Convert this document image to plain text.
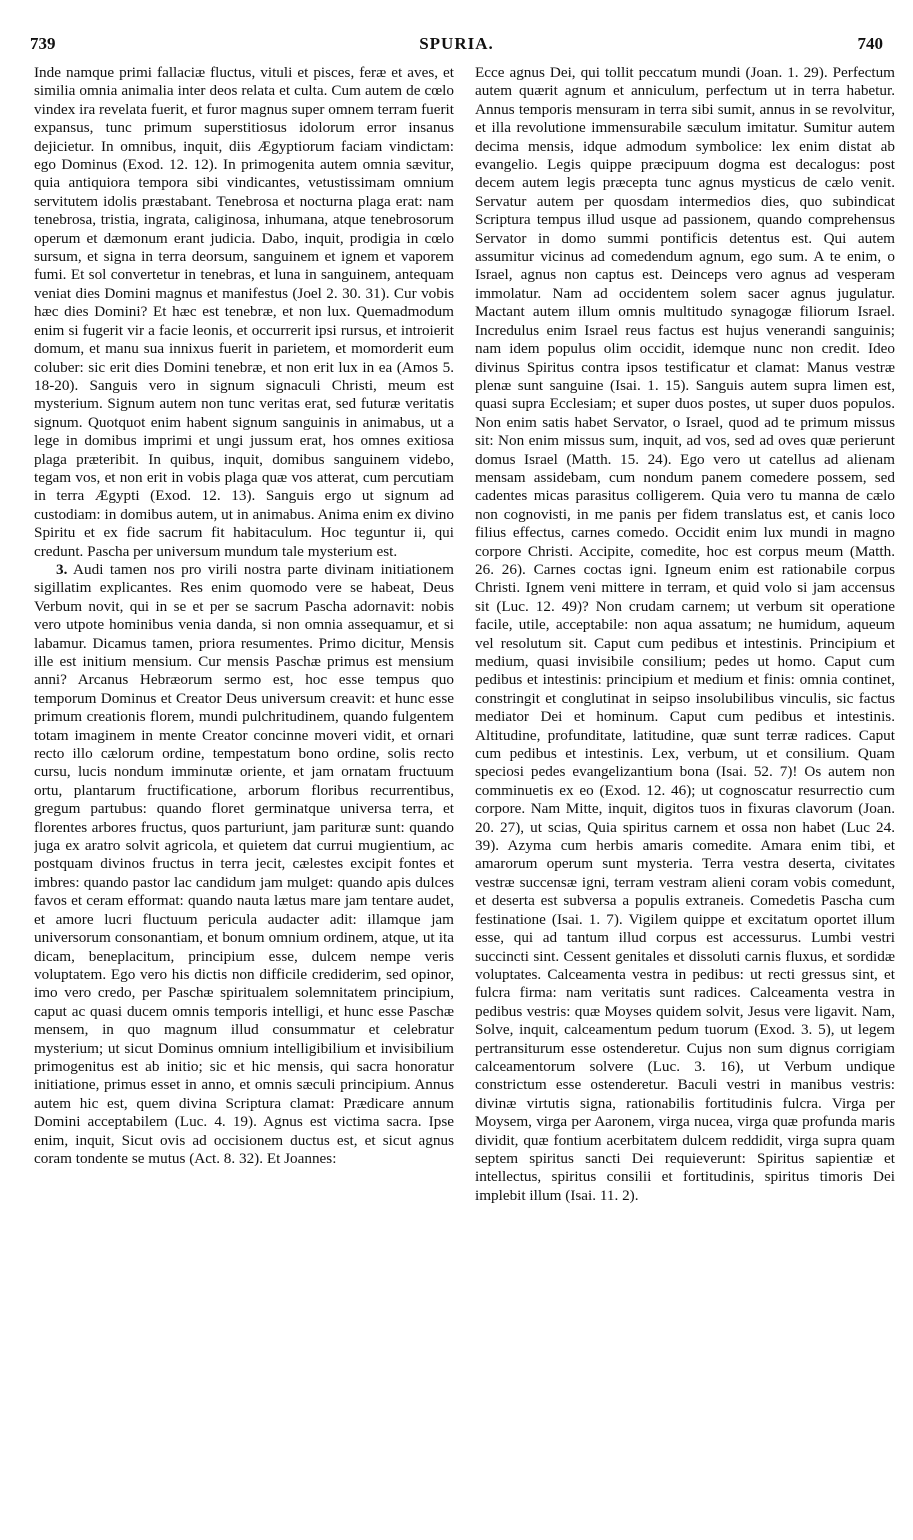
739	SPURIA.	740

Inde namque primi fallaciæ fluctus, vituli et pisces, feræ et aves, et similia omnia animalia inter deos relata et culta. Cum autem de cœlo vindex ira revelata fuerit, et furor magnus super omnem terram fuerit expansus, tunc primum superstitiosus idolorum error insanus dejicietur. In omnibus, inquit, diis Ægyptiorum faciam vindictam: ego Dominus (Exod. 12. 12). In primogenita autem omnia sævitur, quia antiquiora tempora sibi vindicantes, vetustissimam omnium servitutem idolis præstabant. Tenebrosa et nocturna plaga erat: nam tenebrosa, tristia, ingrata, caliginosa, inhumana, atque tenebrosorum operum et dæmonum erant judicia. Dabo, inquit, prodigia in cœlo sursum, et signa in terra deorsum, sanguinem et ignem et vaporem fumi. Et sol convertetur in tenebras, et luna in sanguinem, antequam veniat dies Domini magnus et manifestus (Joel 2. 30. 31). Cur vobis hæc dies Domini? Et hæc est tenebræ, et non lux. Quemadmodum enim si fugerit vir a facie leonis, et occurrerit ipsi rursus, et introierit domum, et manu sua innixus fuerit in parietem, et momorderit eum coluber: sic erit dies Domini tenebræ, et non erit lux in ea (Amos 5. 18-20). Sanguis vero in signum signaculi Christi, meum est mysterium. Signum autem non tunc veritas erat, sed futuræ veritatis signum. Quotquot enim habent signum sanguinis in animabus, ut a lege in domibus imprimi et ungi jussum erat, hos omnes exitiosa plaga præteribit. In quibus, inquit, domibus sanguinem videbo, tegam vos, et non erit in vobis plaga quæ vos atterat, cum percutiam in terra Ægypti (Exod. 12. 13). Sanguis ergo ut signum ad custodiam: in domibus autem, ut in animabus. Anima enim ex divino Spiritu et ex fide sacrum fit habitaculum. Hoc teguntur ii, qui credunt. Pascha per universum mundum tale mysterium est.

3. Audi tamen nos pro virili nostra parte divinam initiationem sigillatim explicantes. Res enim quomodo vere se habeat, Deus Verbum novit, qui in se et per se sacrum Pascha adornavit: nobis vero utpote hominibus venia danda, si non omnia assequamur, et si labamur. Dicamus tamen, priora resumentes. Primo dicitur, Mensis ille est initium mensium. Cur mensis Paschæ primus est mensium anni? Arcanus Hebræorum sermo est, hoc esse tempus quo temporum Dominus et Creator Deus universum creavit: et hunc esse primum creationis florem, mundi pulchritudinem, quando fulgentem totam imaginem in mente Creator concinne moveri vidit, et ornari recto illo cælorum ordine, tempestatum bono ordine, solis recto cursu, lucis nondum imminutæ oriente, et jam ornatam fructuum ortu, plantarum fructificatione, arborum floribus recurrentibus, gregum partubus: quando floret germinatque universa terra, et florentes arbores fructus, quos parturiunt, jam parituræ sunt: quando juga ex aratro solvit agricola, et quietem dat currui mugientium, ac postquam divinos fructus in terra jecit, cælestes excipit fontes et imbres: quando pastor lac candidum jam mulget: quando apis dulces favos et ceram efformat: quando nauta lætus mare jam tentare audet, et amore lucri fluctuum pericula audacter adit: illamque jam universorum consonantiam, et bonum omnium ordinem, atque, ut ita dicam, beneplacitum, principium esse, dulcem nempe veris voluptatem. Ego vero his dictis non difficile crediderim, sed opinor, imo vero credo, per Paschæ spiritualem solemnitatem principium, caput ac quasi ducem omnis temporis intelligi, et hunc esse Paschæ mensem, in quo magnum illud consummatur et celebratur mysterium; ut sicut Dominus omnium intelligibilium et invisibilium primogenitus est ab initio; sic et hic mensis, qui sacra honoratur initiatione, primus esset in anno, et omnis sæculi principium. Annus autem hic est, quem divina Scriptura clamat: Prædicare annum Domini acceptabilem (Luc. 4. 19). Agnus est victima sacra. Ipse enim, inquit, Sicut ovis ad occisionem ductus est, et sicut agnus coram tondente se mutus (Act. 8. 32). Et Joannes:

Ecce agnus Dei, qui tollit peccatum mundi (Joan. 1. 29). Perfectum autem quærit agnum et anniculum, perfectum ut in terra habetur. Annus temporis mensuram in terra sibi sumit, annus in se revolvitur, et illa revolutione immensurabile sæculum imitatur. Sumitur autem decima mensis, idque admodum symbolice: lex enim distat ab evangelio. Legis quippe præcipuum dogma est decalogus: post decem autem legis præcepta tunc agnus mysticus de cælo venit. Servatur autem per quosdam intermedios dies, quo subindicat Scriptura tempus illud usque ad passionem, quando comprehensus Servator in domo summi pontificis detentus est. Qui autem assumitur vicinus ad comedendum agnum, ego sum. A te enim, o Israel, agnus non captus est. Deinceps vero agnus ad vesperam immolatur. Nam ad occidentem solem sacer agnus jugulatur. Mactant autem illum omnis multitudo synagogæ filiorum Israel. Incredulus enim Israel reus factus est hujus venerandi sanguinis; nam idem populus olim occidit, idemque nunc non credit. Ideo divinus Spiritus contra ipsos testificatur et clamat: Manus vestræ plenæ sunt sanguine (Isai. 1. 15). Sanguis autem supra limen est, quasi supra Ecclesiam; et super duos postes, ut super duos populos. Non enim satis habet Servator, o Israel, quod ad te primum missus sit: Non enim missus sum, inquit, ad vos, sed ad oves quæ perierunt domus Israel (Matth. 15. 24). Ego vero ut catellus ad alienam mensam assidebam, cum nondum panem comedere possem, sed cadentes micas parasitus colligerem. Quia vero tu manna de cælo non cognovisti, in me panis per fidem translatus est, et canis loco filius effectus, carnes comedo. Occidit enim lux mundi in magno corpore Christi. Accipite, comedite, hoc est corpus meum (Matth. 26. 26). Carnes coctas igni. Igneum enim est rationabile corpus Christi. Ignem veni mittere in terram, et quid volo si jam accensus sit (Luc. 12. 49)? Non crudam carnem; ut verbum sit operatione facile, utile, acceptabile: non aqua assatum; ne humidum, aqueum vel resolutum sit. Caput cum pedibus et intestinis. Principium et medium, quasi invisibile consilium; pedes ut homo. Caput cum pedibus et intestinis: principium et medium et finis: omnia continet, constringit et conglutinat in seipso insolubilibus vinculis, sic factus mediator Dei et hominum. Caput cum pedibus et intestinis. Altitudine, profunditate, latitudine, quæ sunt terræ radices. Caput cum pedibus et intestinis. Lex, verbum, ut et consilium. Quam speciosi pedes evangelizantium bona (Isai. 52. 7)! Os autem non comminuetis ex eo (Exod. 12. 46); ut cognoscatur resurrectio cum corpore. Nam Mitte, inquit, digitos tuos in fixuras clavorum (Joan. 20. 27), ut scias, Quia spiritus carnem et ossa non habet (Luc 24. 39). Azyma cum herbis amaris comedite. Amara enim tibi, et amarorum operum sunt mysteria. Terra vestra deserta, civitates vestræ succensæ igni, terram vestram alieni coram vobis comedunt, et deserta est subversa a populis extraneis. Comedetis Pascha cum festinatione (Isai. 1. 7). Vigilem quippe et excitatum oportet illum esse, qui ad tantum illud corpus est accessurus. Lumbi vestri succincti sint. Cessent genitales et dissoluti carnis fluxus, et sordidæ voluptates. Calceamenta vestra in pedibus: ut recti gressus sint, et fulcra firma: nam veritatis sunt radices. Calceamenta vestra in pedibus vestris: quæ Moyses quidem solvit, Jesus vere ligavit. Nam, Solve, inquit, calceamentum pedum tuorum (Exod. 3. 5), ut legem pertransiturum esse ostenderetur. Cujus non sum dignus corrigiam calceamentorum solvere (Luc. 3. 16), ut Verbum undique constrictum esse ostenderetur. Baculi vestri in manibus vestris: divinæ virtutis signa, rationabilis fortitudinis fulcra. Virga per Moysem, virga per Aaronem, virga nucea, virga quæ profunda maris dividit, quæ fontium acerbitatem dulcem reddidit, virga supra quam septem spiritus sancti Dei requieverunt: Spiritus sapientiæ et intellectus, spiritus consilii et fortitudinis, spiritus timoris Dei implebit illum (Isai. 11. 2).
